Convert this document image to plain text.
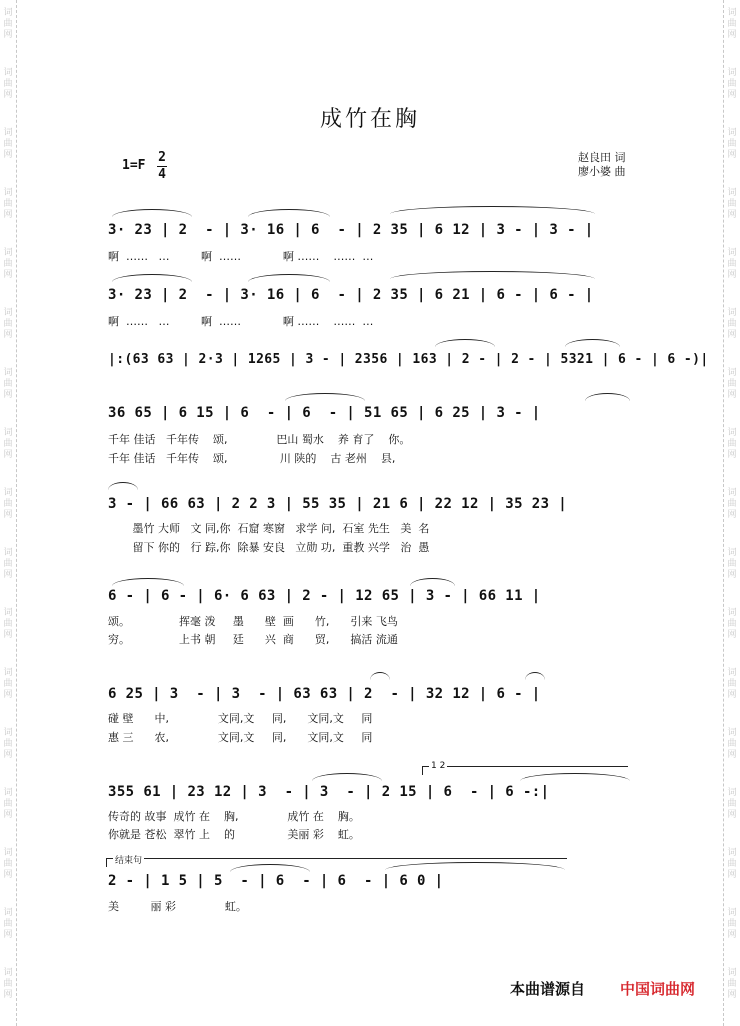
词
曲
网
词
曲
网
词
曲
网
词
曲
网
词
曲
网
词
曲
网
词
曲
网
词
曲
网
词
曲
网
词
曲
网
词
曲
网
词
曲
网
词
曲
网
词
曲
网
词
曲
网
词
曲
网
词
曲
网
词
曲
网
词
曲
网
词
曲
网
词
曲
网
词
曲
网
词
曲
网
词
曲
网
词
曲
网
词
曲
网
词
曲
网
词
曲
网
词
曲
网
词
曲
网
词
曲
网
词
曲
网
词
曲
网
词
曲
网
成竹在胸
1=F
2
4
赵良田 词
廖小婆 曲
3· 23 | 2  - | 3· 16 | 6  - | 2 35 | 6 12 | 3 - | 3 - |
啊  ……   …         啊  ……            啊 ……    ……  …
3· 23 | 2  - | 3· 16 | 6  - | 2 35 | 6 21 | 6 - | 6 - |
啊  ……   …         啊  ……            啊 ……    ……  …
|:(63 63 | 2·3 | 1265 | 3 - | 2356 | 163 | 2 - | 2 - | 5321 | 6 - | 6 -)|
36 65 | 6 15 | 6  - | 6  - | 51 65 | 6 25 | 3 - |
千年 佳话   千年传    颂,              巴山 蜀水    养 育了    你。
千年 佳话   千年传    颂,               川 陕的    古 老州    县,
3 - | 66 63 | 2 2 3 | 55 35 | 21 6 | 22 12 | 35 23 |
墨竹 大师   文 同,你  石窟 寒窗   求学 问,  石室 先生   美  名
留下 你的   行 踪,你  除暴 安良   立勋 功,  重教 兴学   治  愚
6 - | 6 - | 6· 6 63 | 2 - | 12 65 | 3 - | 66 11 |
颂。              挥毫 泼     墨      壁  画      竹,      引来 飞鸟
穷。              上书 朝     廷      兴  商      贸,      搞活 流通
6 25 | 3  - | 3  - | 63 63 | 2  - | 32 12 | 6 - |
碰 壁      中,              文同,文     同,      文同,文     同
惠 三      农,              文同,文     同,      文同,文     同
1 2
355 61 | 23 12 | 3  - | 3  - | 2 15 | 6  - | 6 -:|
传奇的 故事  成竹 在    胸,              成竹 在    胸。
你就是 苍松  翠竹 上    的               美丽 彩    虹。
结束句
2 - | 1 5 | 5  - | 6  - | 6  - | 6 0 |
美         丽 彩              虹。
本曲谱源自 中国词曲网
